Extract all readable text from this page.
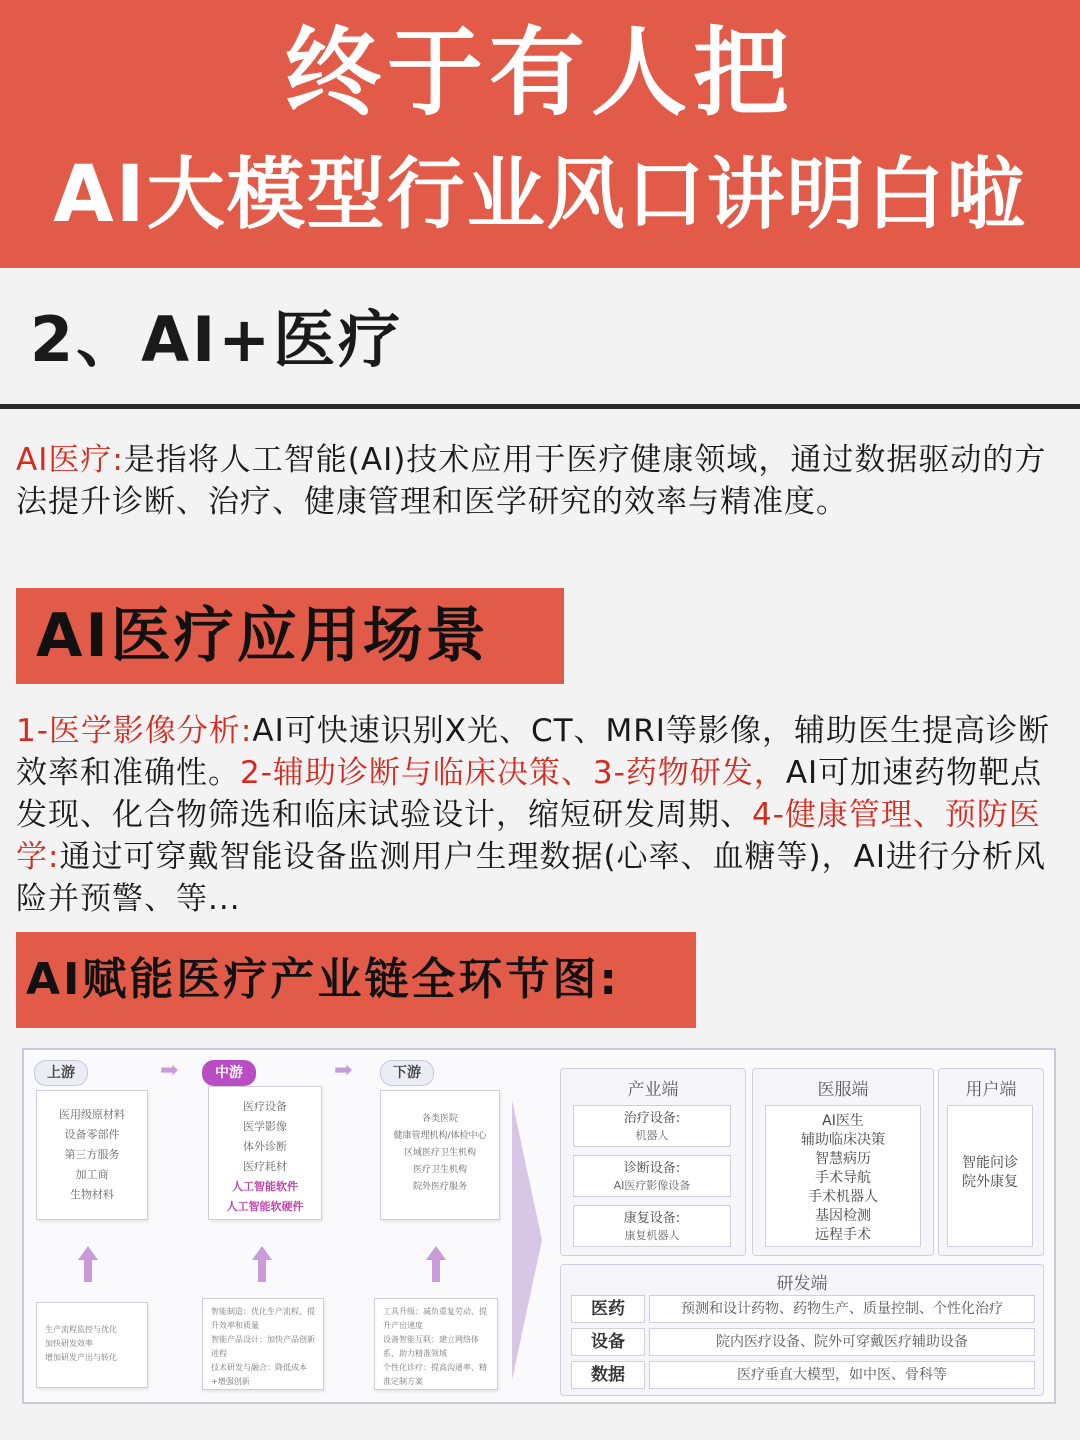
终于有人把
AI大模型行业风口讲明白啦
2、AI+医疗
AI医疗:是指将人工智能(AI)技术应用于医疗健康领域，通过数据驱动的方法提升诊断、治疗、健康管理和医学研究的效率与精准度。
AI医疗应用场景
1-医学影像分析:AI可快速识别X光、CT、MRI等影像，辅助医生提高诊断效率和准确性。2-辅助诊断与临床决策、3-药物研发，AI可加速药物靶点发现、化合物筛选和临床试验设计，缩短研发周期、4-健康管理、预防医学:通过可穿戴智能设备监测用户生理数据(心率、血糖等)，AI进行分析风险并预警、等...
AI赋能医疗产业链全环节图:
上游	➡	中游	➡	下游
医用级原材料
设备零部件
第三方服务
加工商
生物材料
医疗设备
医学影像
体外诊断
医疗耗材
人工智能软件
人工智能软硬件
各类医院
健康管理机构/体检中心
区域医疗卫生机构
医疗卫生机构
院外医疗服务
生产流程监控与优化
加快研发效率
增加研发产出与转化
智能制造：优化生产流程、提升效率和质量
智能产品设计：加快产品创新进程
技术研发与融合：降低成本+增强创新
工具升级：减负重复劳动、提升产出速度
设备智能互联：建立网络体系、助力精准领域
个性化诊疗：提高沟通率、精准定制方案
产业端
治疗设备:
机器人
诊断设备:
AI医疗影像设备
康复设备:
康复机器人
医服端
AI医生
辅助临床决策
智慧病历
手术导航
手术机器人
基因检测
远程手术
用户端
智能问诊
院外康复
研发端
医药	预测和设计药物、药物生产、质量控制、个性化治疗
设备	院内医疗设备、院外可穿戴医疗辅助设备
数据	医疗垂直大模型，如中医、骨科等
